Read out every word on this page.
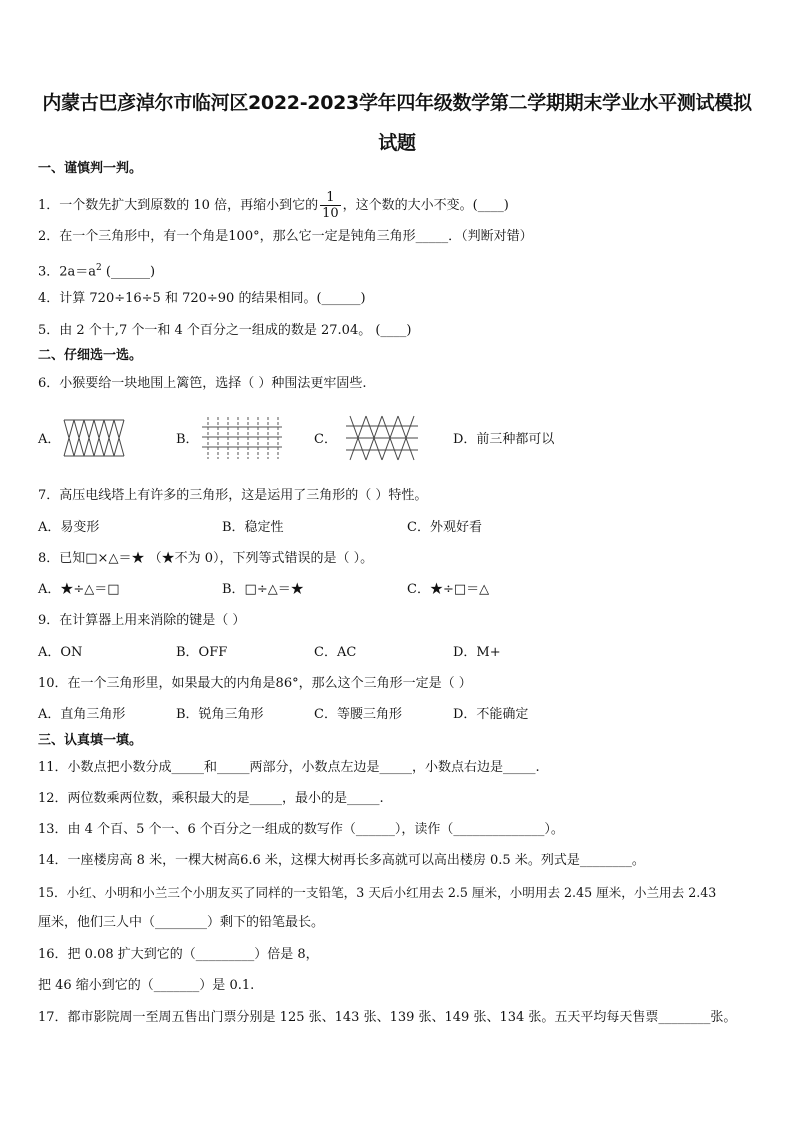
内蒙古巴彦淖尔市临河区2022-2023学年四年级数学第二学期期末学业水平测试模拟
试题
一、谨慎判一判。
1．一个数先扩大到原数的 10 倍，再缩小到它的 $\frac{1}{10}$ ，这个数的大小不变。(____)
2．在一个三角形中，有一个角是100°，那么它一定是钝角三角形_____．（判断对错）
3．$2a=a^2$ (______)
4．计算 720÷16÷5 和 720÷90 的结果相同。(______)
5．由 2 个十,7 个一和 4 个百分之一组成的数是 27.04。 (____)
二、仔细选一选。
6．小猴要给一块地围上篱笆，选择（ ）种围法更牢固些.
A．	B．	C．	D．前三种都可以
7．高压电线塔上有许多的三角形，这是运用了三角形的（ ）特性。
A．易变形	B．稳定性	C．外观好看
8．已知□×△＝★ （★不为 0），下列等式错误的是（ ）。
A．★÷△＝□	B．□÷△＝★	C．★÷□＝△
9．在计算器上用来消除的键是（ ）
A．ON	B．OFF	C．AC	D．M+
10．在一个三角形里，如果最大的内角是86°，那么这个三角形一定是（ ）
A．直角三角形	B．锐角三角形	C．等腰三角形	D．不能确定
三、认真填一填。
11．小数点把小数分成_____和_____两部分，小数点左边是_____，小数点右边是_____.
12．两位数乘两位数，乘积最大的是_____，最小的是_____.
13．由 4 个百、5 个一、6 个百分之一组成的数写作（______），读作（______________）。
14．一座楼房高 8 米，一棵大树高6.6 米，这棵大树再长多高就可以高出楼房 0.5 米。列式是________。
15．小红、小明和小兰三个小朋友买了同样的一支铅笔，3 天后小红用去 2.5 厘米，小明用去 2.45 厘米，小兰用去 2.43
厘米，他们三人中（________）剩下的铅笔最长。
16．把 0.08 扩大到它的（_________）倍是 8，
把 46 缩小到它的（_______）是 0.1.
17．都市影院周一至周五售出门票分别是 125 张、143 张、139 张、149 张、134 张。五天平均每天售票________张。
